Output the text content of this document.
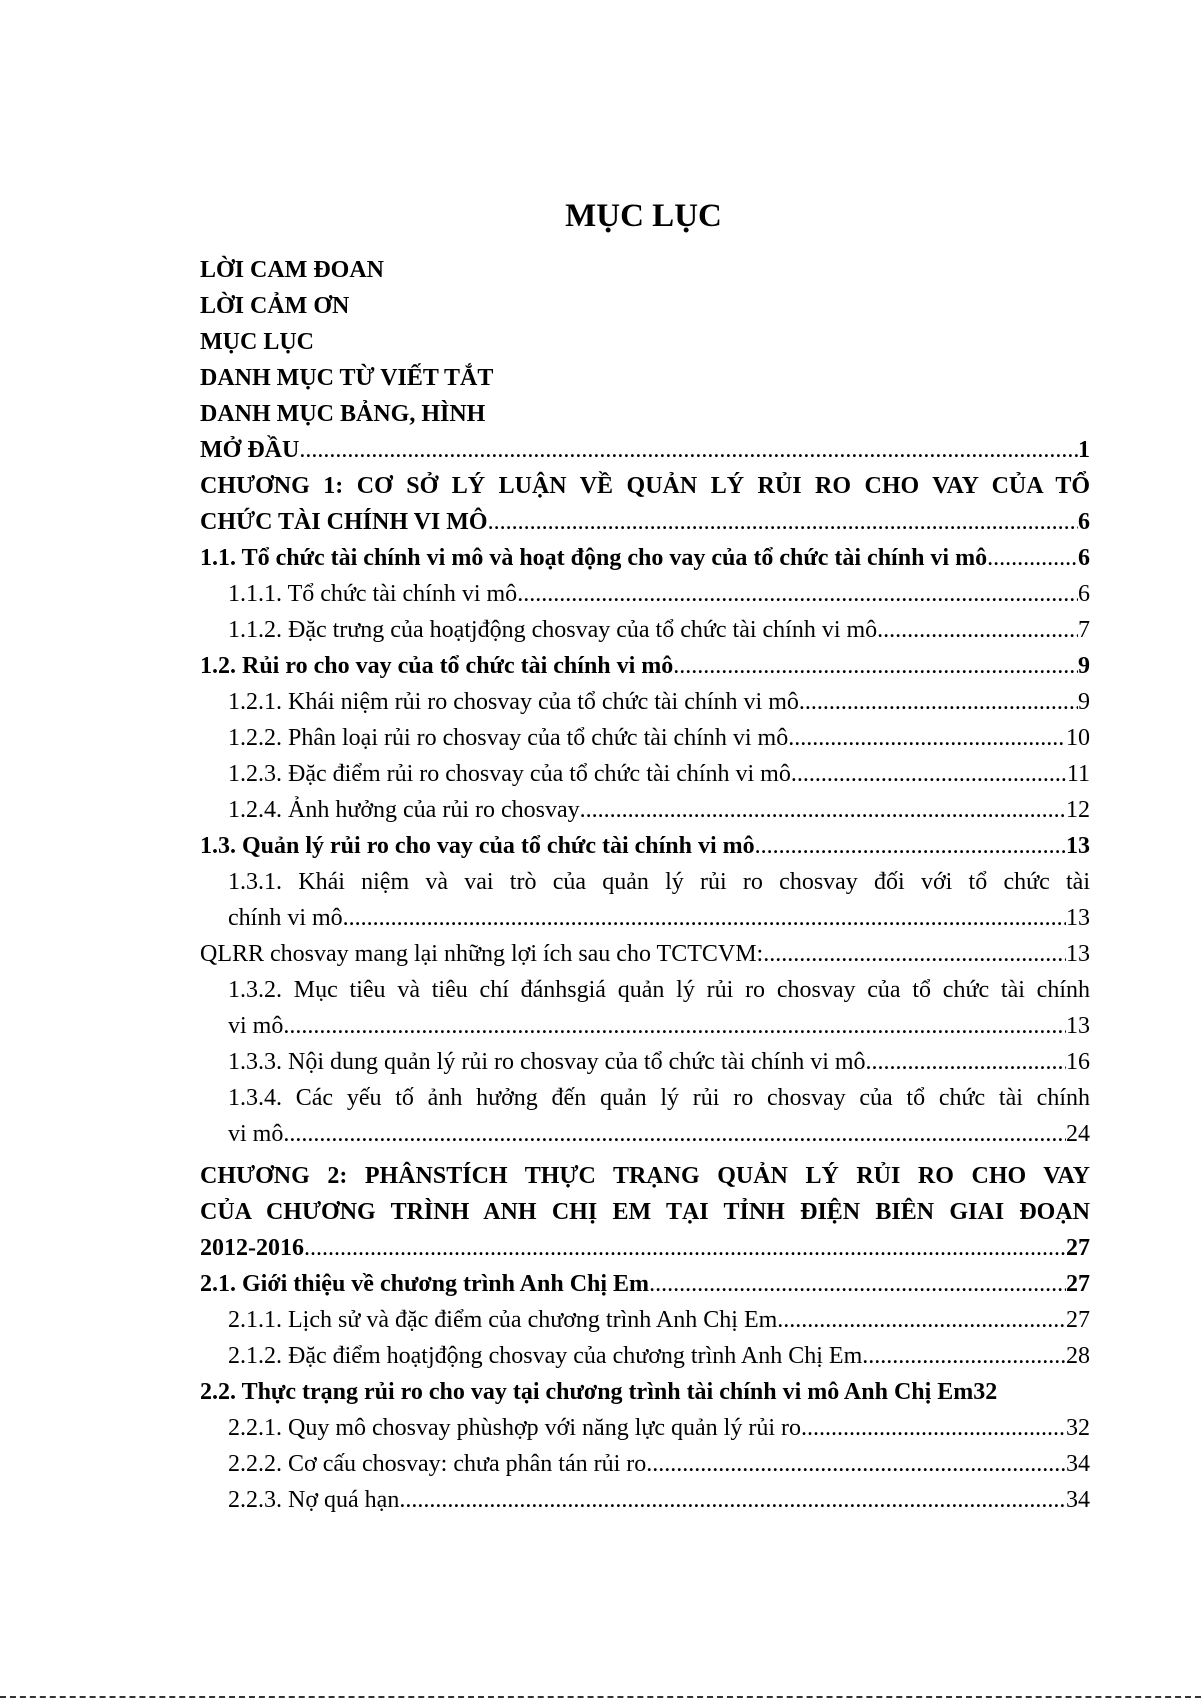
MỤC LỤC
LỜI CAM ĐOAN
LỜI CẢM ƠN
MỤC LỤC
DANH MỤC TỪ VIẾT TẮT
DANH MỤC BẢNG, HÌNH
MỞ ĐẦU .....	1
CHƯƠNG 1: CƠ SỞ LÝ LUẬN VỀ QUẢN LÝ RỦI RO CHO VAY CỦA TỔ
CHỨC TÀI CHÍNH VI MÔ .....	6
1.1. Tổ chức tài chính vi mô và hoạt động cho vay của tổ chức tài chính vi mô .....	6
1.1.1. Tổ chức tài chính vi mô .....	6
1.1.2. Đặc trưng của hoạtjđộng chosvay của tổ chức tài chính vi mô .....	7
1.2. Rủi ro cho vay của tổ chức tài chính vi mô .....	9
1.2.1. Khái niệm rủi ro chosvay của tổ chức tài chính vi mô .....	9
1.2.2. Phân loại rủi ro chosvay của tổ chức tài chính vi mô .....	10
1.2.3. Đặc điểm rủi ro chosvay của tổ chức tài chính vi mô .....	11
1.2.4. Ảnh hưởng của rủi ro chosvay .....	12
1.3. Quản lý rủi ro cho vay của tổ chức tài chính vi mô .....	13
1.3.1. Khái niệm và vai trò của quản lý rủi ro chosvay đối với tổ chức tài
chính vi mô .....	13
QLRR chosvay mang lại những lợi ích sau cho TCTCVM: .....	13
1.3.2. Mục tiêu và tiêu chí đánhsgiá quản lý rủi ro chosvay của tổ chức tài chính
vi mô .....	13
1.3.3. Nội dung quản lý rủi ro chosvay của tổ chức tài chính vi mô .....	16
1.3.4. Các yếu tố ảnh hưởng đến quản lý rủi ro chosvay của tổ chức tài chính
vi mô .....	24
CHƯƠNG 2: PHÂNSTÍCH THỰC TRẠNG QUẢN LÝ RỦI RO CHO VAY
CỦA CHƯƠNG TRÌNH ANH CHỊ EM TẠI TỈNH ĐIỆN BIÊN GIAI ĐOẠN
2012-2016 .....	27
2.1. Giới thiệu về chương trình Anh Chị Em .....	27
2.1.1. Lịch sử và đặc điểm của chương trình Anh Chị Em .....	27
2.1.2. Đặc điểm hoạtjđộng chosvay của chương trình Anh Chị Em .....	28
2.2. Thực trạng rủi ro cho vay tại chương trình tài chính vi mô Anh Chị Em32
2.2.1. Quy mô chosvay phùshợp với năng lực quản lý rủi ro .....	32
2.2.2. Cơ cấu chosvay: chưa phân tán rủi ro .....	34
2.2.3. Nợ quá hạn .....	34
